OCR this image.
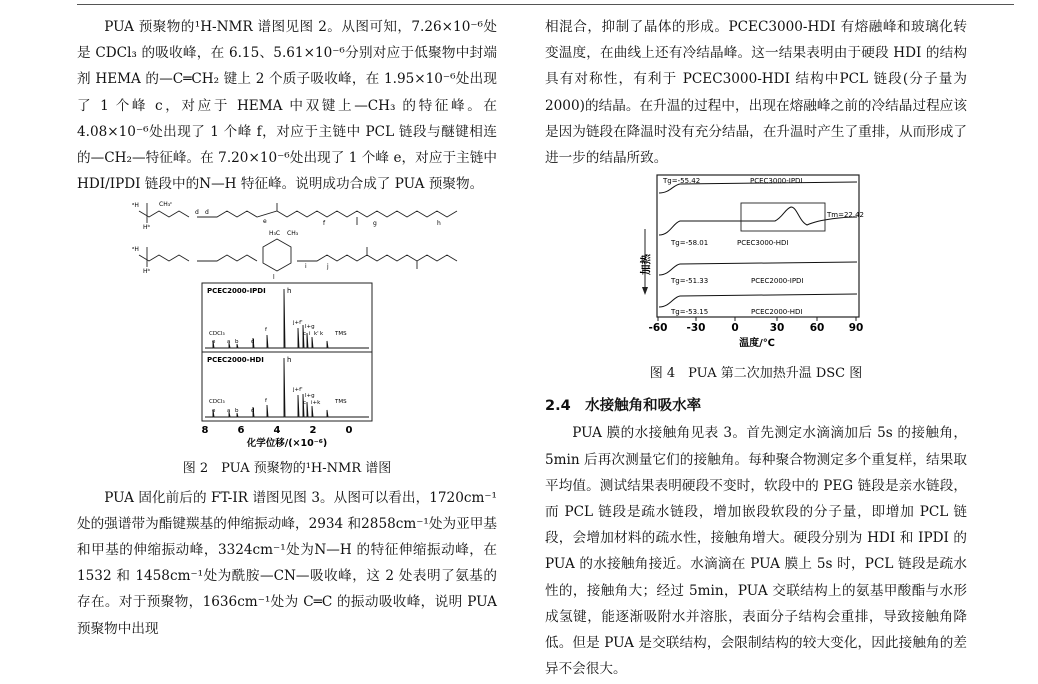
PUA 预聚物的¹H-NMR 谱图见图 2。从图可知，7.26×10⁻⁶处是 CDCl₃ 的吸收峰，在 6.15、5.61×10⁻⁶分别对应于低聚物中封端剂 HEMA 的—C═CH₂ 键上 2 个质子吸收峰，在 1.95×10⁻⁶处出现了 1 个峰 c，对应于 HEMA 中双键上—CH₃ 的特征峰。在 4.08×10⁻⁶处出现了 1 个峰 f，对应于主链中 PCL 链段与醚键相连的—CH₂—特征峰。在 7.20×10⁻⁶处出现了 1 个峰 e，对应于主链中 HDI/IPDI 链段中的N—H 特征峰。说明成功合成了 PUA 预聚物。

ᵃH
Hᵇ
CH₃ᶜ
d d
e	f	g	h
ᵃH
Hᵇ
H₃C CH₃
l
i	j
PCEC2000-IPDI
PCEC2000-HDI
h
h
CDCl₃	TMS
e a b d
f
j+f'
l+g
c i k' k
CDCl₃	TMS
e a b d
f
j+f'
l+g
c i+k
8	6	4	2	0
化学位移/(×10⁻⁶)
图 2　PUA 预聚物的¹H-NMR 谱图

PUA 固化前后的 FT-IR 谱图见图 3。从图可以看出，1720cm⁻¹处的强谱带为酯键羰基的伸缩振动峰，2934 和2858cm⁻¹处为亚甲基和甲基的伸缩振动峰，3324cm⁻¹处为N—H 的特征伸缩振动峰，在 1532 和 1458cm⁻¹处为酰胺—CN—吸收峰，这 2 处表明了氨基的存在。对于预聚物，1636cm⁻¹处为 C═C 的振动吸收峰，说明 PUA 预聚物中出现

相混合，抑制了晶体的形成。PCEC3000-HDI 有熔融峰和玻璃化转变温度，在曲线上还有冷结晶峰。这一结果表明由于硬段 HDI 的结构具有对称性，有利于 PCEC3000-HDI 结构中PCL 链段(分子量为 2000)的结晶。在升温的过程中，出现在熔融峰之前的冷结晶过程应该是因为链段在降温时没有充分结晶，在升温时产生了重排，从而形成了进一步的结晶所致。

加热
Tg=-55.42	PCEC3000-IPDI
Tg=-58.01	PCEC3000-HDI
Tm=22.42
Tg=-51.33	PCEC2000-IPDI
Tg=-53.15	PCEC2000-HDI
-60 -30 0	30 60 90
温度/℃
图 4　PUA 第二次加热升温 DSC 图
2.4　水接触角和吸水率

PUA 膜的水接触角见表 3。首先测定水滴滴加后 5s 的接触角，5min 后再次测量它们的接触角。每种聚合物测定多个重复样，结果取平均值。测试结果表明硬段不变时，软段中的 PEG 链段是亲水链段，而 PCL 链段是疏水链段，增加嵌段软段的分子量，即增加 PCL 链段，会增加材料的疏水性，接触角增大。硬段分别为 HDI 和 IPDI 的 PUA 的水接触角接近。水滴滴在 PUA 膜上 5s 时，PCL 链段是疏水性的，接触角大；经过 5min，PUA 交联结构上的氨基甲酸酯与水形成氢键，能逐渐吸附水并溶胀，表面分子结构会重排，导致接触角降低。但是 PUA 是交联结构，会限制结构的较大变化，因此接触角的差异不会很大。
